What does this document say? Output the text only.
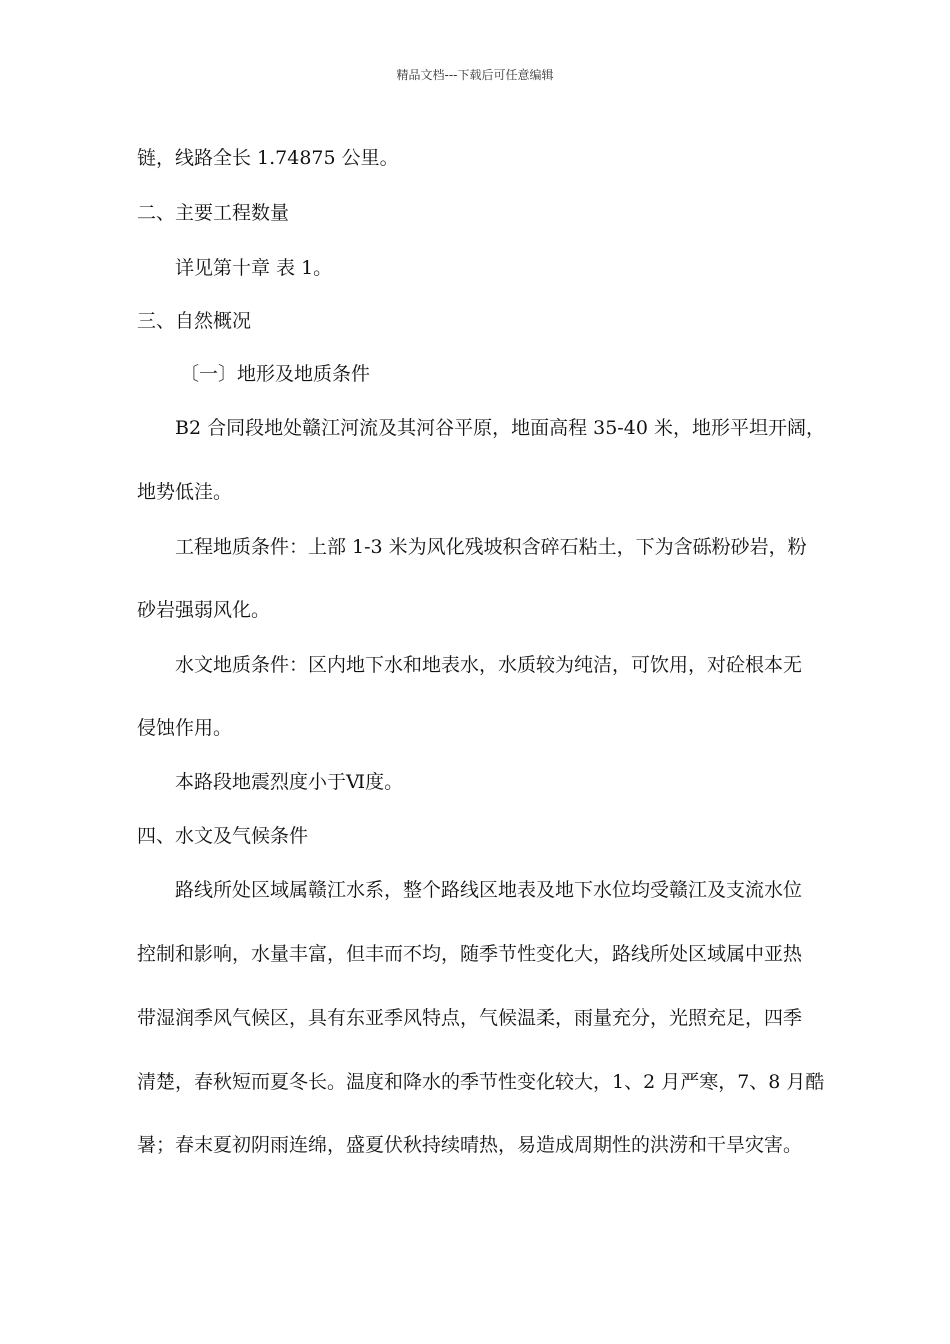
精品文档---下载后可任意编辑
链，线路全长 1.74875 公里。
二、主要工程数量
详见第十章 表 1。
三、自然概况
〔一〕地形及地质条件
B2 合同段地处赣江河流及其河谷平原，地面高程 35-40 米，地形平坦开阔，
地势低洼。
工程地质条件：上部 1-3 米为风化残坡积含碎石粘土，下为含砾粉砂岩，粉
砂岩强弱风化。
水文地质条件：区内地下水和地表水，水质较为纯洁，可饮用，对砼根本无
侵蚀作用。
本路段地震烈度小于Ⅵ度。
四、水文及气候条件
路线所处区域属赣江水系，整个路线区地表及地下水位均受赣江及支流水位
控制和影响，水量丰富，但丰而不均，随季节性变化大，路线所处区域属中亚热
带湿润季风气候区，具有东亚季风特点，气候温柔，雨量充分，光照充足，四季
清楚，春秋短而夏冬长。温度和降水的季节性变化较大，1、2 月严寒，7、8 月酷
暑；春末夏初阴雨连绵，盛夏伏秋持续晴热，易造成周期性的洪涝和干旱灾害。
